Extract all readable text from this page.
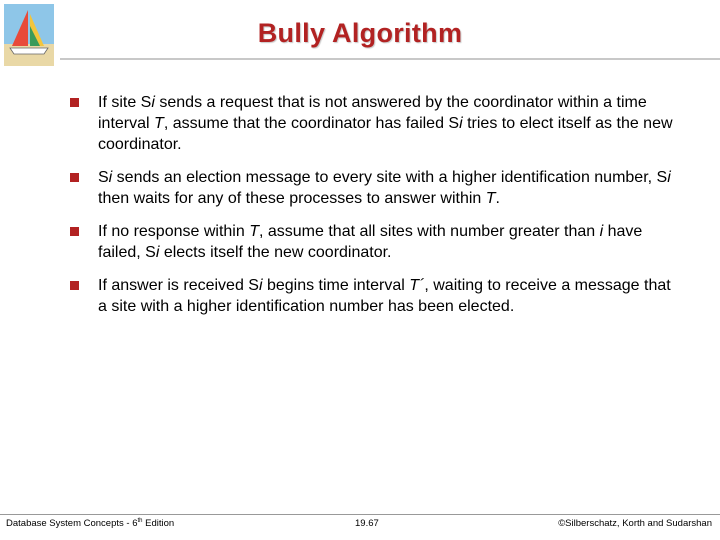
Bully Algorithm
If site Si sends a request that is not answered by the coordinator within a time interval T, assume that the coordinator has failed Si tries to elect itself as the new coordinator.
Si sends an election message to every site with a higher identification number, Si then waits for any of these processes to answer within T.
If no response within T, assume that all sites with number greater than i have failed, Si elects itself the new coordinator.
If answer is received Si begins time interval T´, waiting to receive a message that a site with a higher identification number has been elected.
Database System Concepts - 6th Edition	19.67	©Silberschatz, Korth and Sudarshan
